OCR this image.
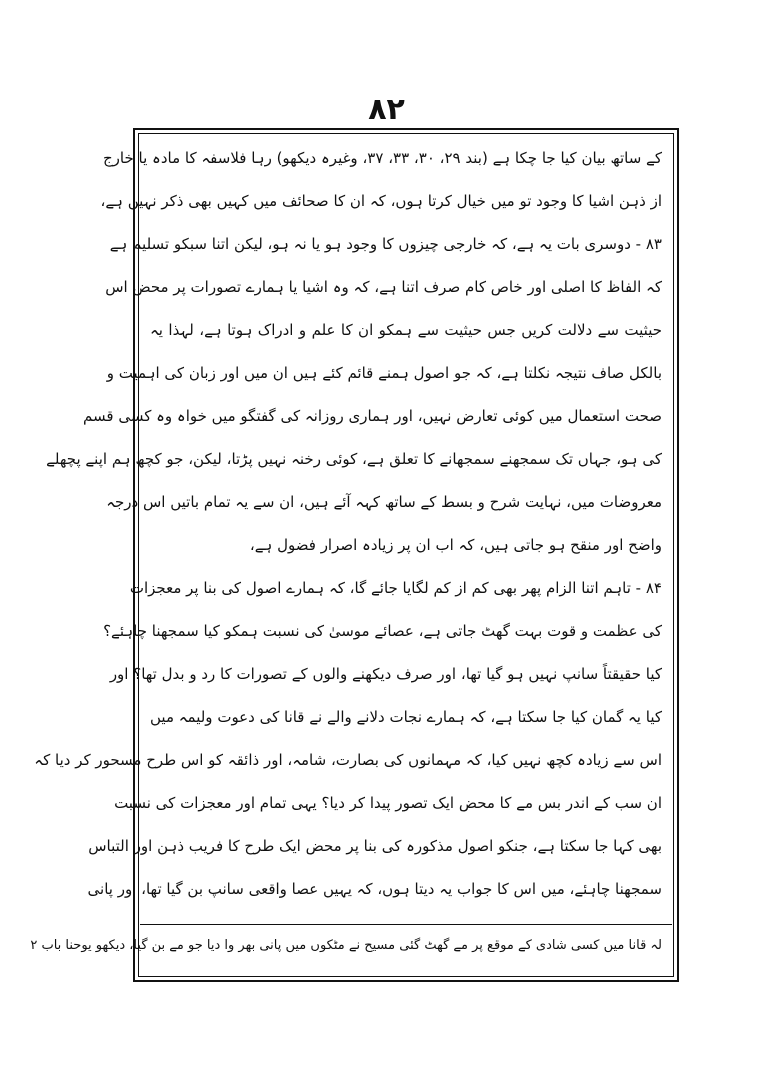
۸۲
کے ساتھ بیان کیا جا چکا ہے (بند ۲۹، ۳۰، ۳۳، ۳۷، وغیرہ دیکھو) رہا فلاسفہ کا مادہ یا خارج
از ذہن اشیا کا وجود تو میں خیال کرتا ہوں، کہ ان کا صحائف میں کہیں بھی ذکر نہیں ہے،
۸۳ - دوسری بات یہ ہے، کہ خارجی چیزوں کا وجود ہو یا نہ ہو، لیکن اتنا سبکو تسلیم ہے
کہ الفاظ کا اصلی اور خاص کام صرف اتنا ہے، کہ وہ اشیا یا ہمارے تصورات پر محض اس
حیثیت سے دلالت کریں جس حیثیت سے ہمکو ان کا علم و ادراک ہوتا ہے، لہذا یہ
بالکل صاف نتیجہ نکلتا ہے، کہ جو اصول ہمنے قائم کئے ہیں ان میں اور زبان کی اہمیت و
صحت استعمال میں کوئی تعارض نہیں، اور ہماری روزانہ کی گفتگو میں خواہ وہ کسی قسم
کی ہو، جہاں تک سمجھنے سمجھانے کا تعلق ہے، کوئی رخنہ نہیں پڑتا، لیکن، جو کچھ ہم اپنے پچھلے
معروضات میں، نہایت شرح و بسط کے ساتھ کہہ آئے ہیں، ان سے یہ تمام باتیں اس درجہ
واضح اور منقح ہو جاتی ہیں، کہ اب ان پر زیادہ اصرار فضول ہے،
۸۴ - تاہم اتنا الزام پھر بھی کم از کم لگایا جائے گا، کہ ہمارے اصول کی بنا پر معجزات
کی عظمت و قوت بہت گھٹ جاتی ہے، عصائے موسیٰ کی نسبت ہمکو کیا سمجھنا چاہئے؟
کیا حقیقتاً سانپ نہیں ہو گیا تھا، اور صرف دیکھنے والوں کے تصورات کا رد و بدل تھا؟ اور
کیا یہ گمان کیا جا سکتا ہے، کہ ہمارے نجات دلانے والے نے قانا کی دعوت ولیمہ میں
اس سے زیادہ کچھ نہیں کیا، کہ مہمانوں کی بصارت، شامہ، اور ذائقہ کو اس طرح مسحور کر دیا کہ
ان سب کے اندر بس مے کا محض ایک تصور پیدا کر دیا؟ یہی تمام اور معجزات کی نسبت
بھی کہا جا سکتا ہے، جنکو اصول مذکورہ کی بنا پر محض ایک طرح کا فریب ذہن اور التباس
سمجھنا چاہئے، میں اس کا جواب یہ دیتا ہوں، کہ یہیں عصا واقعی سانپ بن گیا تھا، اور پانی
لہ قانا میں کسی شادی کے موقع پر مے گھٹ گئی مسیح نے مٹکوں میں پانی بھر وا دیا جو مے بن گیا، دیکھو یوحنا باب ۲
